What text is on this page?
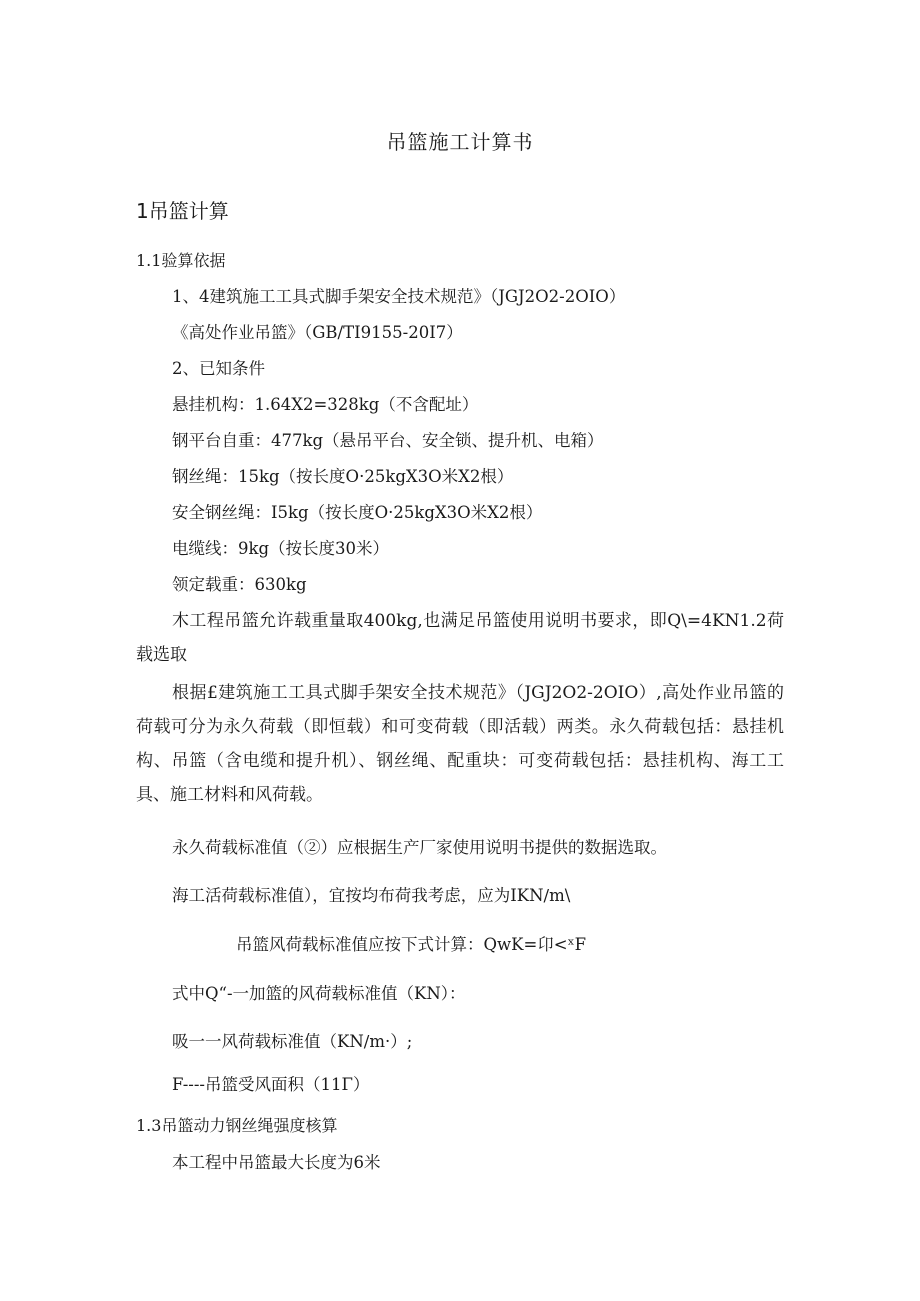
吊篮施工计算书
1吊篮计算
1.1验算依据
1、4建筑施工工具式脚手架安全技术规范》（JGJ2O2-2OIO）
《高处作业吊篮》（GB/TI9155-20I7）
2、已知条件
悬挂机构：1.64X2=328kg（不含配址）
钢平台自重：477kg（悬吊平台、安全锁、提升机、电箱）
钢丝绳：15kg（按长度O·25kgX3O米X2根）
安全钢丝绳：I5kg（按长度O·25kgX3O米X2根）
电缆线：9kg（按长度30米）
领定载重：630kg
木工程吊篮允许载重量取400kg,也满足吊篮使用说明书要求，即Q\=4KN1.2荷载选取
根据£建筑施工工具式脚手架安全技术规范》（JGJ2O2-2OIO）,高处作业吊篮的荷载可分为永久荷载（即恒载）和可变荷载（即活载）两类。永久荷载包括：悬挂机构、吊篮（含电缆和提升机）、钢丝绳、配重块：可变荷载包括：悬挂机构、海工工具、施工材料和风荷载。
永久荷载标准值（②）应根据生产厂家使用说明书提供的数据选取。
海工活荷载标准值），宜按均布荷我考虑，应为IKN∕m\
吊篮风荷载标准值应按下式计算：QwK=卬<ˣF
式中Q“-一加篮的风荷载标准值（KN）：
吸一一风荷载标准值（KN∕m·）;
F----吊篮受风面积（11Γ）
1.3吊篮动力钢丝绳强度核算
本工程中吊篮最大长度为6米
